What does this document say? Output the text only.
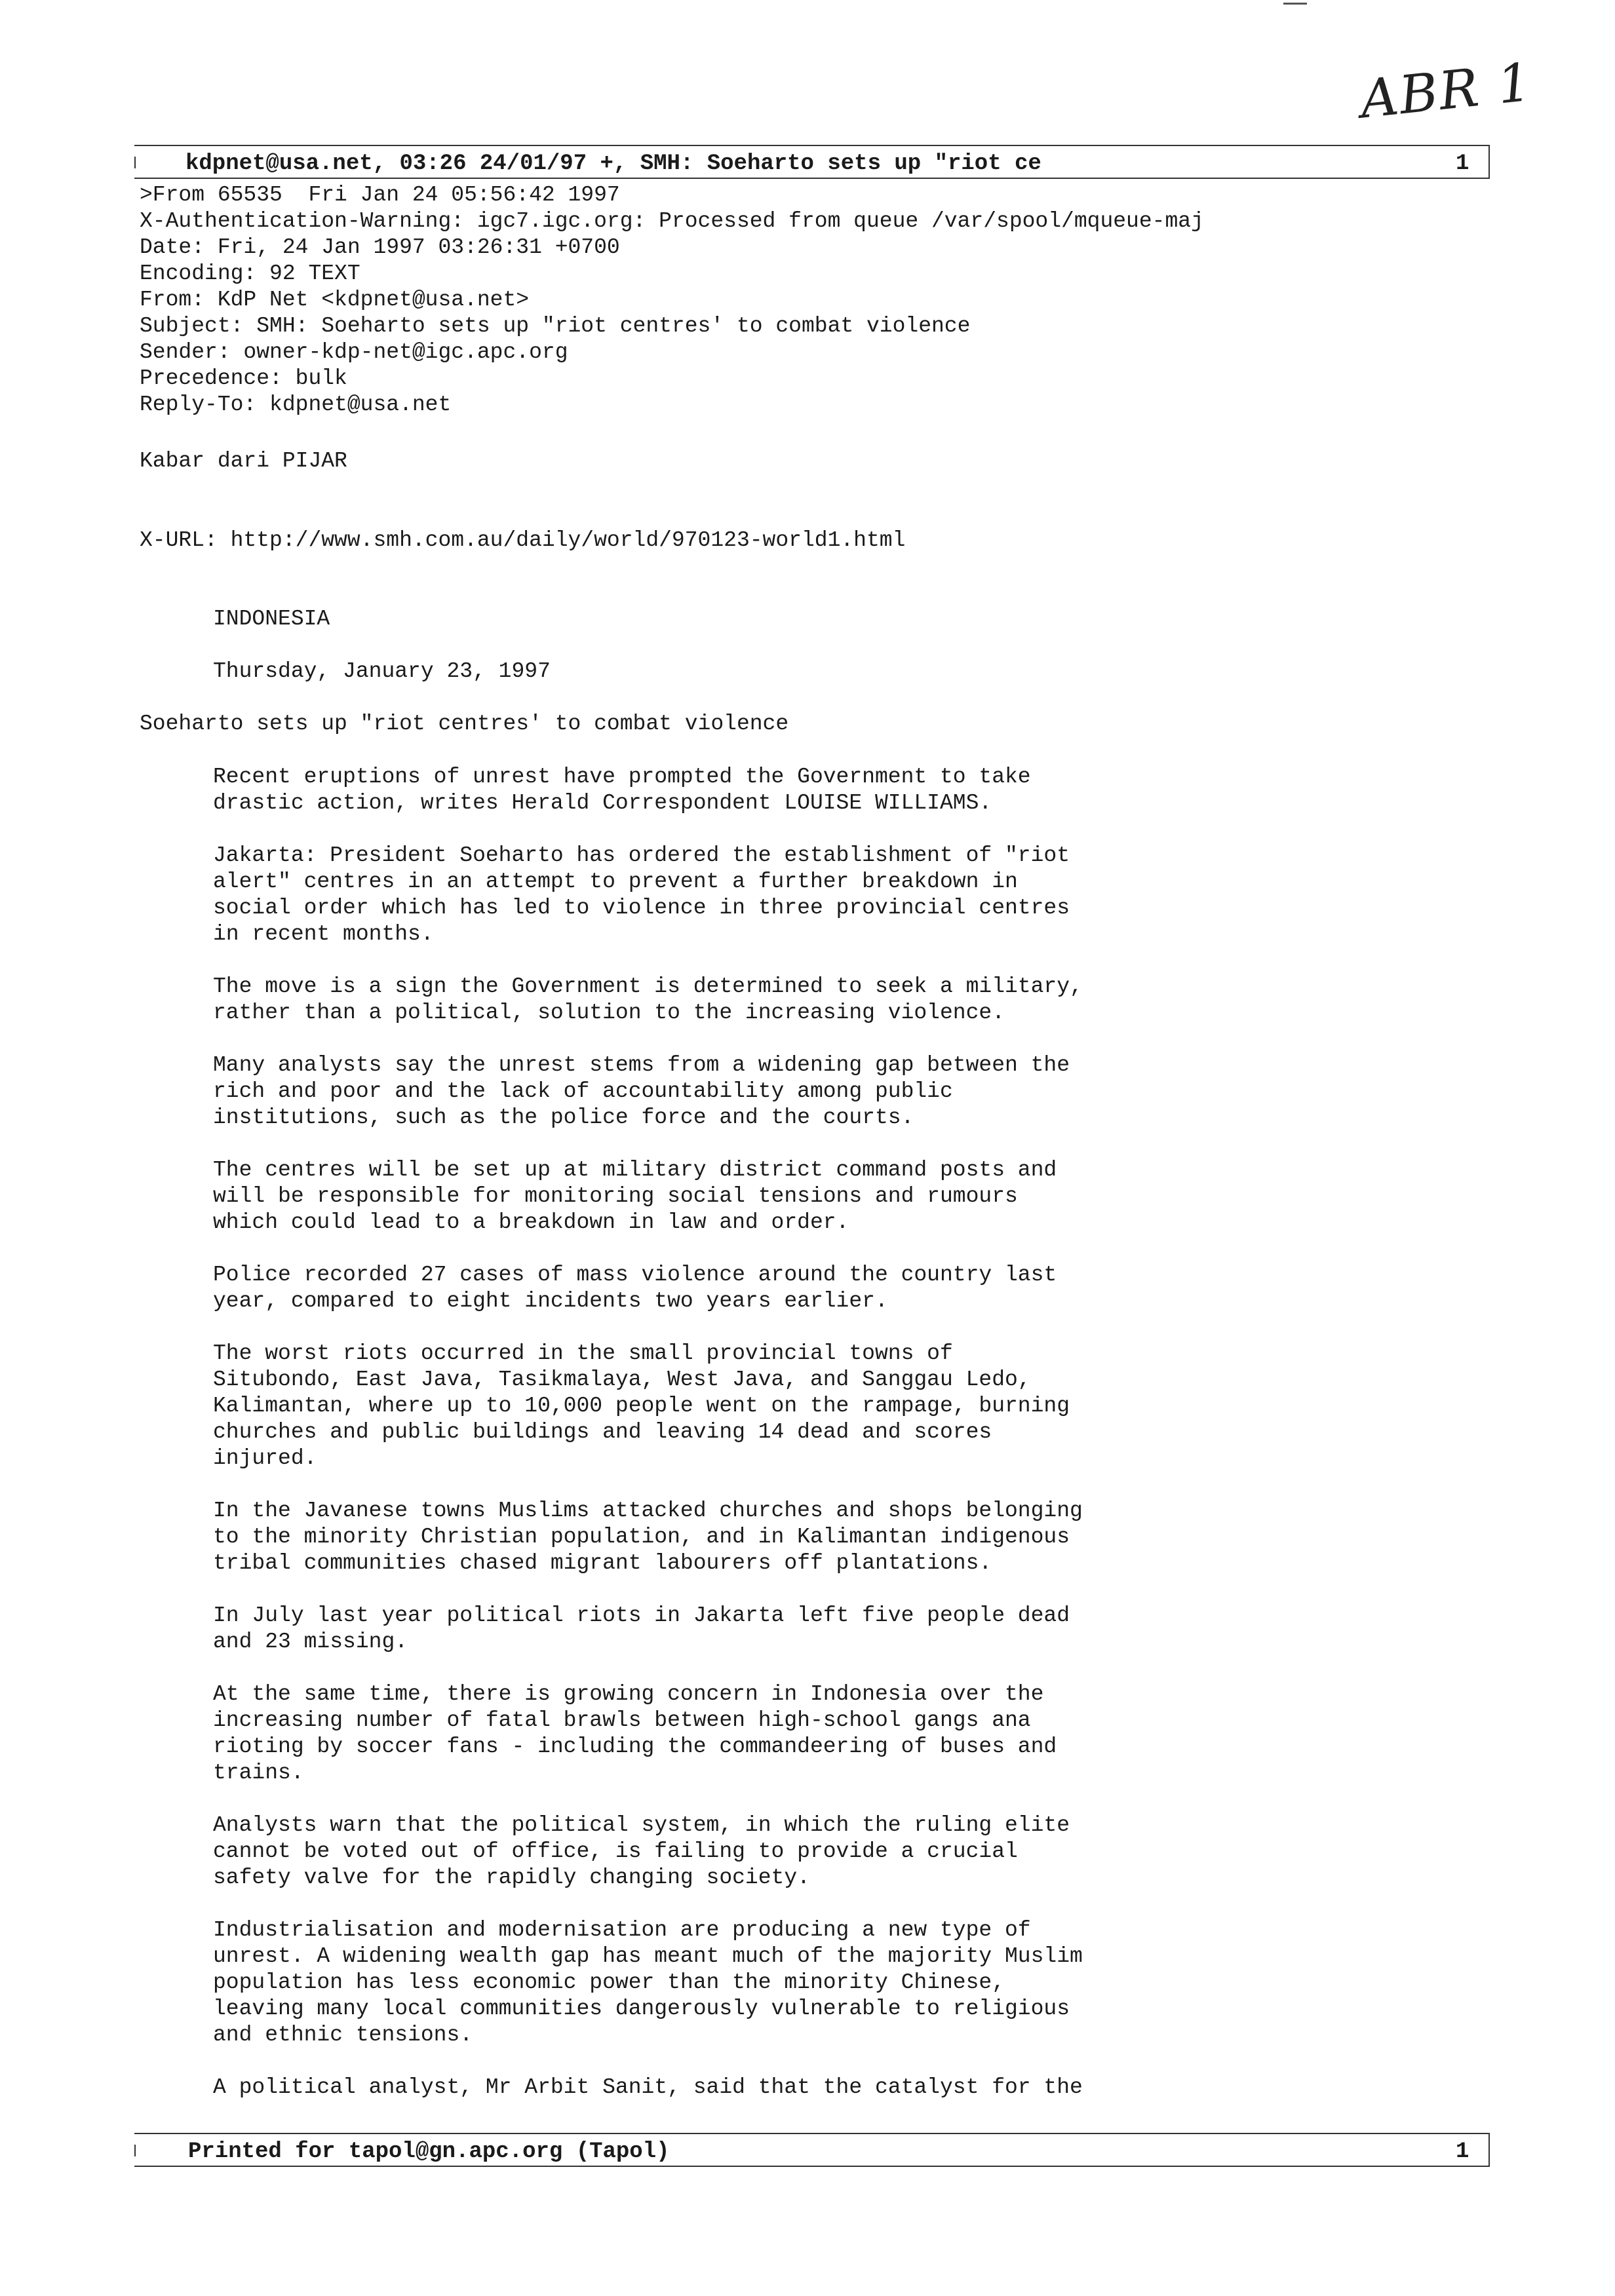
ABR 1
kdpnet@usa.net, 03:26 24/01/97 +, SMH: Soeharto sets up "riot ce	1
>From 65535  Fri Jan 24 05:56:42 1997
X-Authentication-Warning: igc7.igc.org: Processed from queue /var/spool/mqueue-maj
Date: Fri, 24 Jan 1997 03:26:31 +0700
Encoding: 92 TEXT
From: KdP Net <kdpnet@usa.net>
Subject: SMH: Soeharto sets up "riot centres' to combat violence
Sender: owner-kdp-net@igc.apc.org
Precedence: bulk
Reply-To: kdpnet@usa.net
Kabar dari PIJAR
X-URL: http://www.smh.com.au/daily/world/970123-world1.html
INDONESIA
Thursday, January 23, 1997
Soeharto sets up "riot centres' to combat violence
Recent eruptions of unrest have prompted the Government to take
drastic action, writes Herald Correspondent LOUISE WILLIAMS.
Jakarta: President Soeharto has ordered the establishment of "riot
alert" centres in an attempt to prevent a further breakdown in
social order which has led to violence in three provincial centres
in recent months.
The move is a sign the Government is determined to seek a military,
rather than a political, solution to the increasing violence.
Many analysts say the unrest stems from a widening gap between the
rich and poor and the lack of accountability among public
institutions, such as the police force and the courts.
The centres will be set up at military district command posts and
will be responsible for monitoring social tensions and rumours
which could lead to a breakdown in law and order.
Police recorded 27 cases of mass violence around the country last
year, compared to eight incidents two years earlier.
The worst riots occurred in the small provincial towns of
Situbondo, East Java, Tasikmalaya, West Java, and Sanggau Ledo,
Kalimantan, where up to 10,000 people went on the rampage, burning
churches and public buildings and leaving 14 dead and scores
injured.
In the Javanese towns Muslims attacked churches and shops belonging
to the minority Christian population, and in Kalimantan indigenous
tribal communities chased migrant labourers off plantations.
In July last year political riots in Jakarta left five people dead
and 23 missing.
At the same time, there is growing concern in Indonesia over the
increasing number of fatal brawls between high-school gangs ana
rioting by soccer fans - including the commandeering of buses and
trains.
Analysts warn that the political system, in which the ruling elite
cannot be voted out of office, is failing to provide a crucial
safety valve for the rapidly changing society.
Industrialisation and modernisation are producing a new type of
unrest. A widening wealth gap has meant much of the majority Muslim
population has less economic power than the minority Chinese,
leaving many local communities dangerously vulnerable to religious
and ethnic tensions.
A political analyst, Mr Arbit Sanit, said that the catalyst for the
Printed for tapol@gn.apc.org (Tapol)	1
